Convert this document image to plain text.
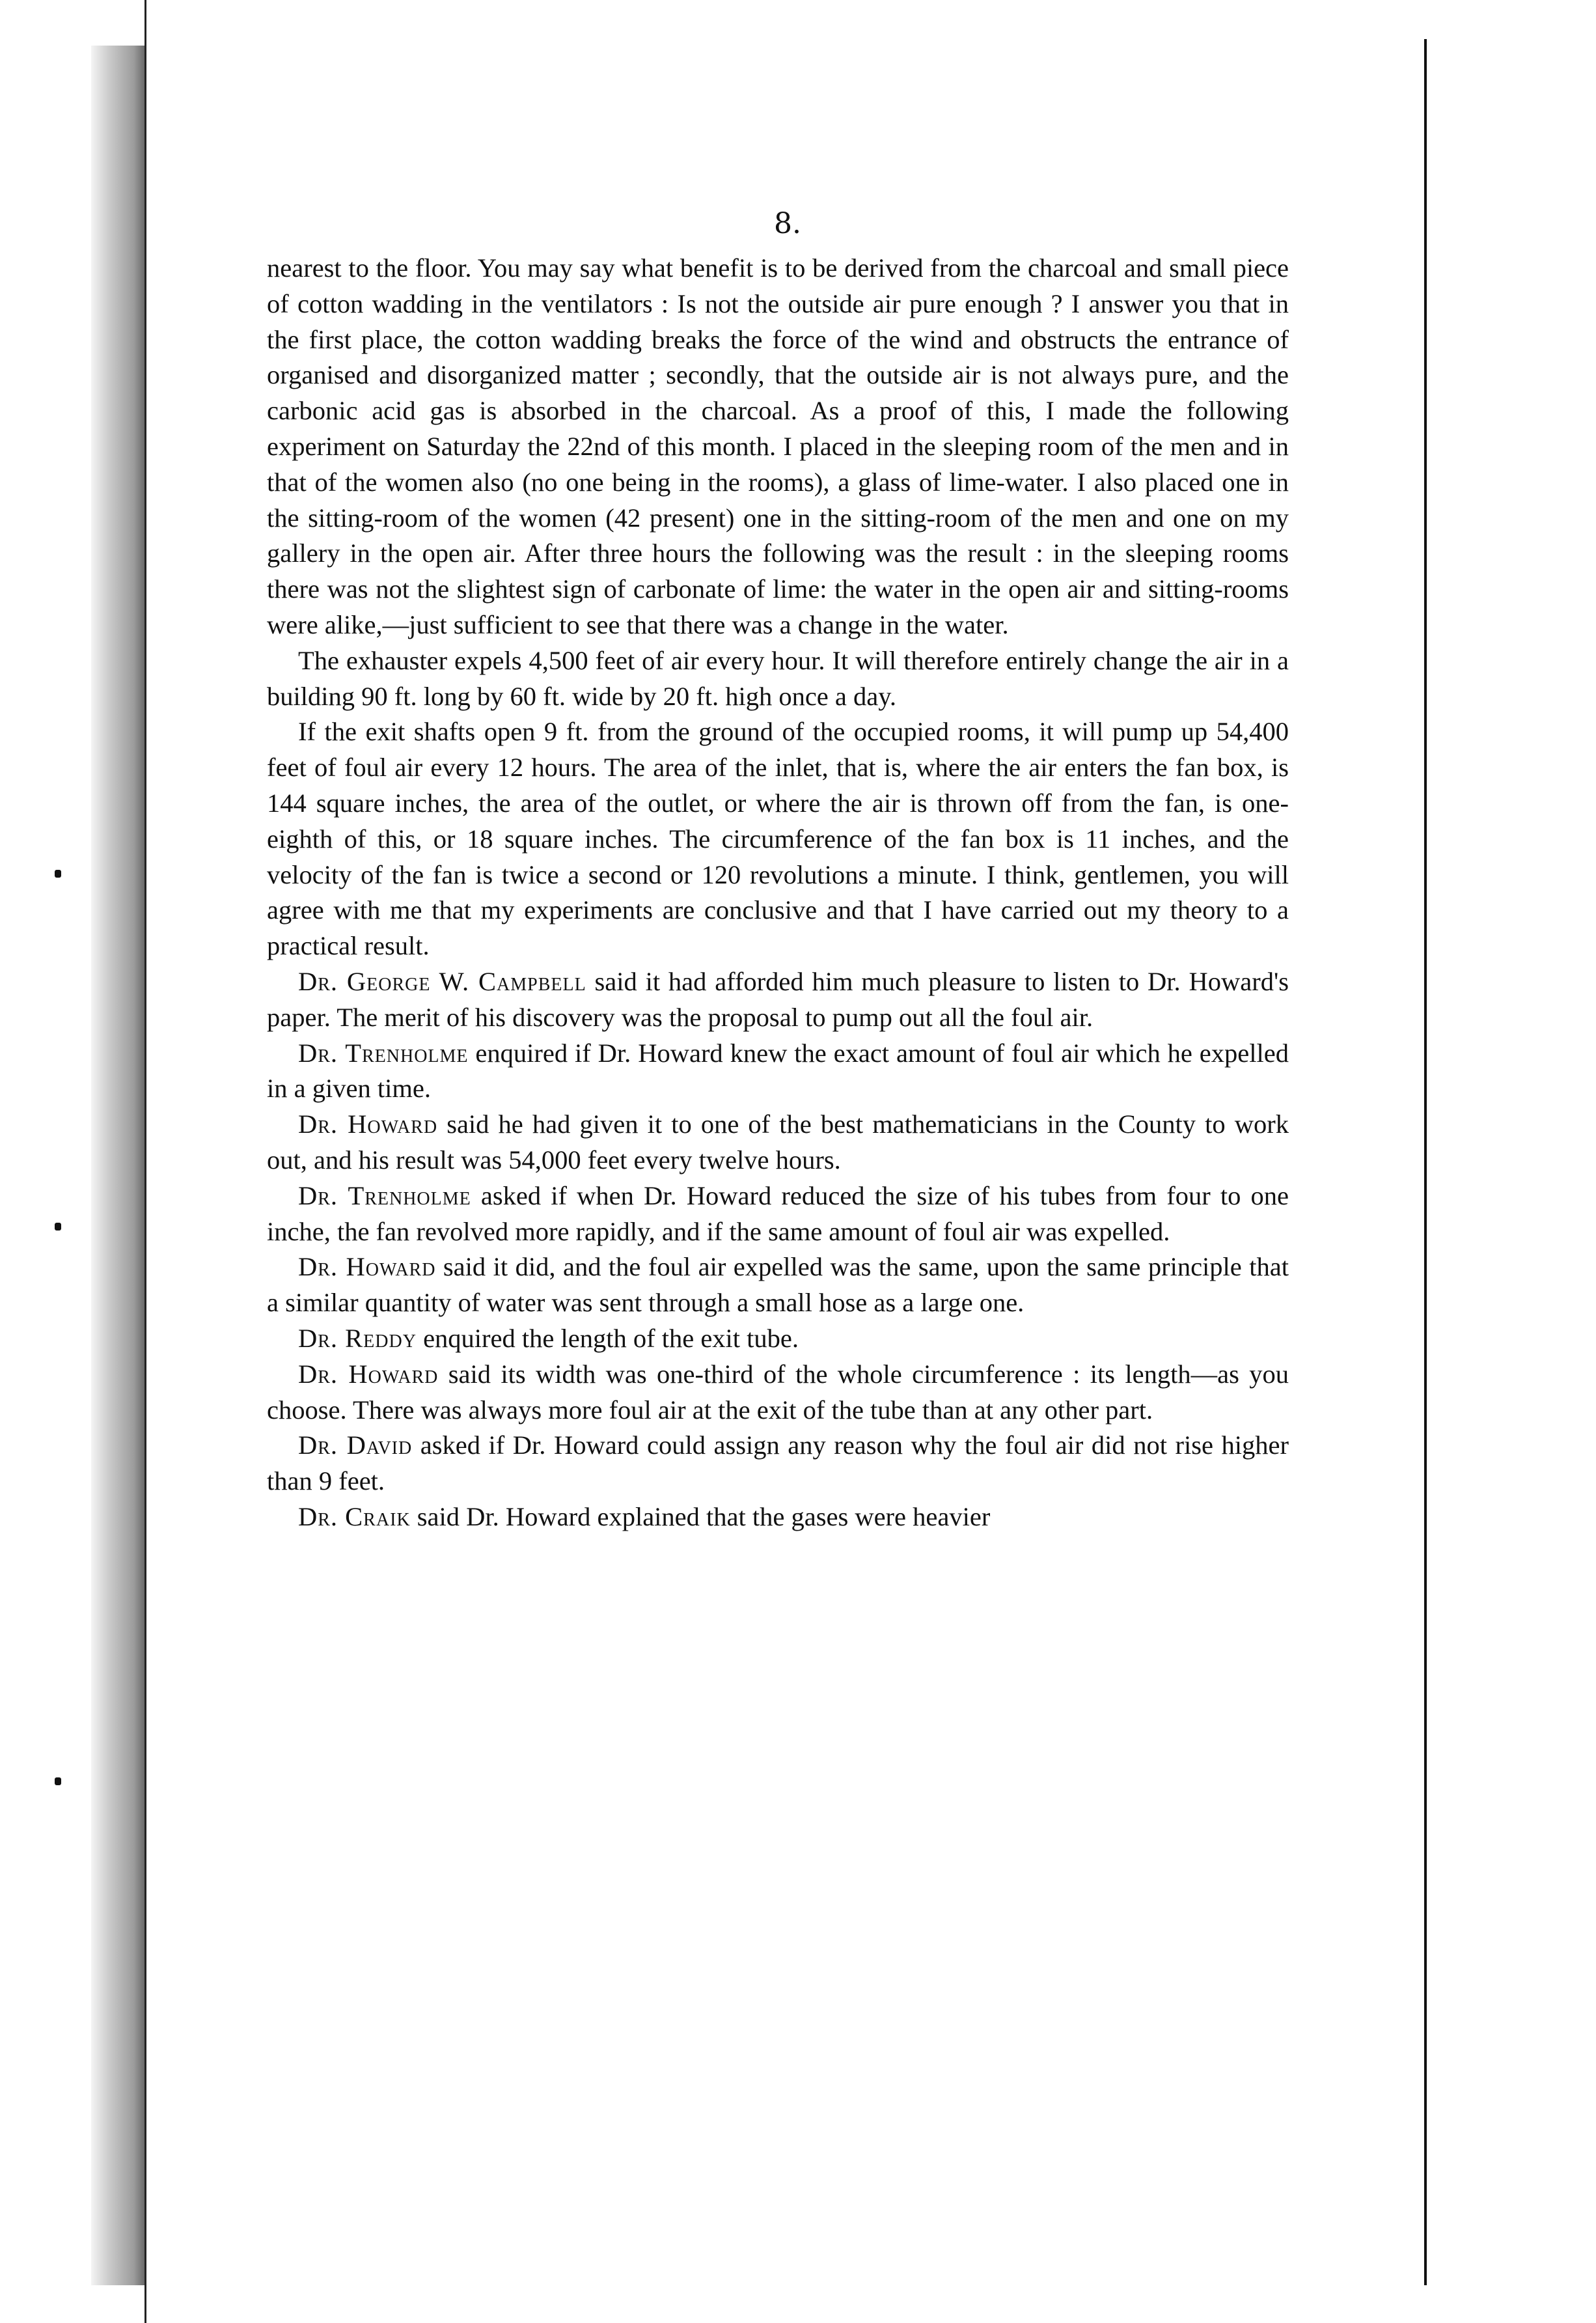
8.

nearest to the floor. You may say what benefit is to be derived from the charcoal and small piece of cotton wadding in the ventilators : Is not the outside air pure enough ? I answer you that in the first place, the cotton wadding breaks the force of the wind and obstructs the entrance of organised and disorganized matter ; secondly, that the outside air is not always pure, and the carbonic acid gas is absorbed in the charcoal. As a proof of this, I made the following experiment on Saturday the 22nd of this month. I placed in the sleeping room of the men and in that of the women also (no one being in the rooms), a glass of lime-water. I also placed one in the sitting-room of the women (42 present) one in the sitting-room of the men and one on my gallery in the open air. After three hours the following was the result : in the sleeping rooms there was not the slightest sign of carbonate of lime: the water in the open air and sitting-rooms were alike,—just sufficient to see that there was a change in the water.

The exhauster expels 4,500 feet of air every hour. It will therefore entirely change the air in a building 90 ft. long by 60 ft. wide by 20 ft. high once a day.

If the exit shafts open 9 ft. from the ground of the occupied rooms, it will pump up 54,400 feet of foul air every 12 hours. The area of the inlet, that is, where the air enters the fan box, is 144 square inches, the area of the outlet, or where the air is thrown off from the fan, is one-eighth of this, or 18 square inches. The circumference of the fan box is 11 inches, and the velocity of the fan is twice a second or 120 revolutions a minute. I think, gentlemen, you will agree with me that my experiments are conclusive and that I have carried out my theory to a practical result.

Dr. George W. Campbell said it had afforded him much pleasure to listen to Dr. Howard's paper. The merit of his discovery was the proposal to pump out all the foul air.

Dr. Trenholme enquired if Dr. Howard knew the exact amount of foul air which he expelled in a given time.

Dr. Howard said he had given it to one of the best mathematicians in the County to work out, and his result was 54,000 feet every twelve hours.

Dr. Trenholme asked if when Dr. Howard reduced the size of his tubes from four to one inche, the fan revolved more rapidly, and if the same amount of foul air was expelled.

Dr. Howard said it did, and the foul air expelled was the same, upon the same principle that a similar quantity of water was sent through a small hose as a large one.

Dr. Reddy enquired the length of the exit tube.

Dr. Howard said its width was one-third of the whole circumference : its length—as you choose. There was always more foul air at the exit of the tube than at any other part.

Dr. David asked if Dr. Howard could assign any reason why the foul air did not rise higher than 9 feet.

Dr. Craik said Dr. Howard explained that the gases were heavier
